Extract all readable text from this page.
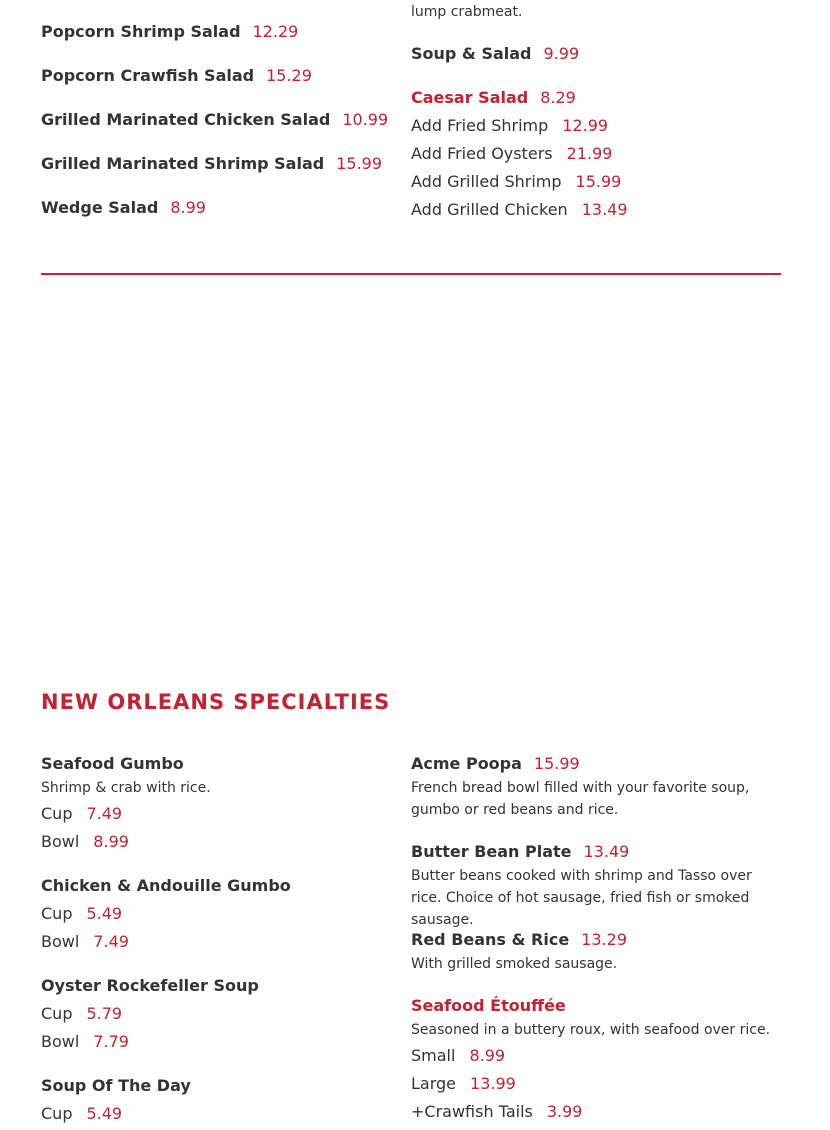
Popcorn Shrimp Salad 12.29
Popcorn Crawfish Salad 15.29
Grilled Marinated Chicken Salad 10.99
Grilled Marinated Shrimp Salad 15.99
Wedge Salad 8.99
lump crabmeat.
Soup & Salad 9.99
Caesar Salad 8.29
Add Fried Shrimp 12.99
Add Fried Oysters 21.99
Add Grilled Shrimp 15.99
Add Grilled Chicken 13.49
NEW ORLEANS SPECIALTIES
Seafood Gumbo
Shrimp & crab with rice.
Cup 7.49
Bowl 8.99
Chicken & Andouille Gumbo
Cup 5.49
Bowl 7.49
Oyster Rockefeller Soup
Cup 5.79
Bowl 7.79
Soup Of The Day
Cup 5.49
Acme Poopa 15.99
French bread bowl filled with your favorite soup, gumbo or red beans and rice.
Butter Bean Plate 13.49
Butter beans cooked with shrimp and Tasso over rice. Choice of hot sausage, fried fish or smoked sausage.
Red Beans & Rice 13.29
With grilled smoked sausage.
Seafood Étouffée
Seasoned in a buttery roux, with seafood over rice.
Small 8.99
Large 13.99
+Crawfish Tails 3.99
